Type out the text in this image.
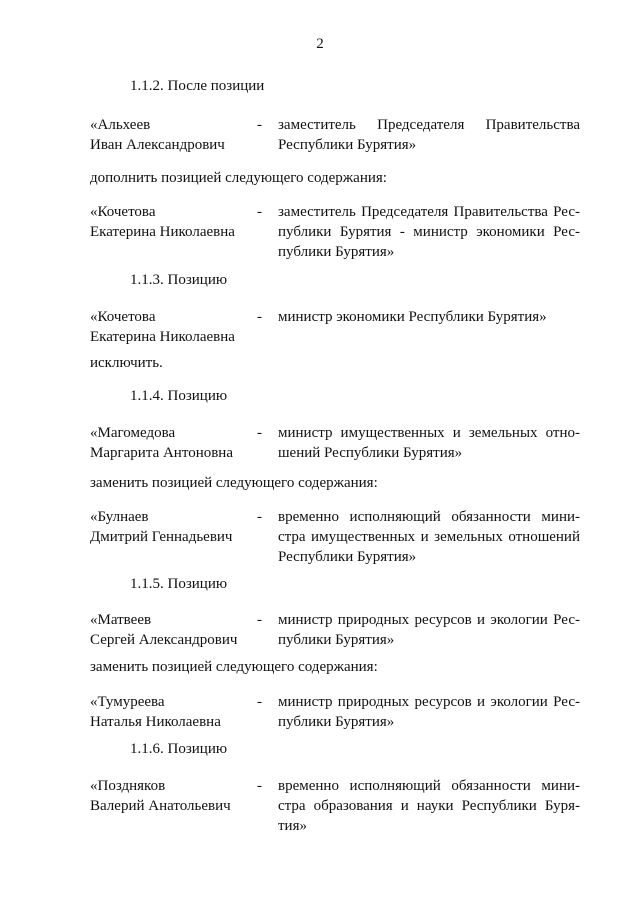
2
1.1.2. После позиции
«Альхеев
Иван Александрович
- заместитель Председателя Правительства
Республики Бурятия»
дополнить позицией следующего содержания:
«Кочетова
Екатерина Николаевна
- заместитель Председателя Правительства Рес-
публики Бурятия - министр экономики Рес-
публики Бурятия»
1.1.3. Позицию
«Кочетова
Екатерина Николаевна
- министр экономики Республики Бурятия»
исключить.
1.1.4. Позицию
«Магомедова
Маргарита Антоновна
- министр имущественных и земельных отно-
шений Республики Бурятия»
заменить позицией следующего содержания:
«Булнаев
Дмитрий Геннадьевич
- временно исполняющий обязанности мини-
стра имущественных и земельных отношений
Республики Бурятия»
1.1.5. Позицию
«Матвеев
Сергей Александрович
- министр природных ресурсов и экологии Рес-
публики Бурятия»
заменить позицией следующего содержания:
«Тумуреева
Наталья Николаевна
- министр природных ресурсов и экологии Рес-
публики Бурятия»
1.1.6. Позицию
«Поздняков
Валерий Анатольевич
- временно исполняющий обязанности мини-
стра образования и науки Республики Буря-
тия»
